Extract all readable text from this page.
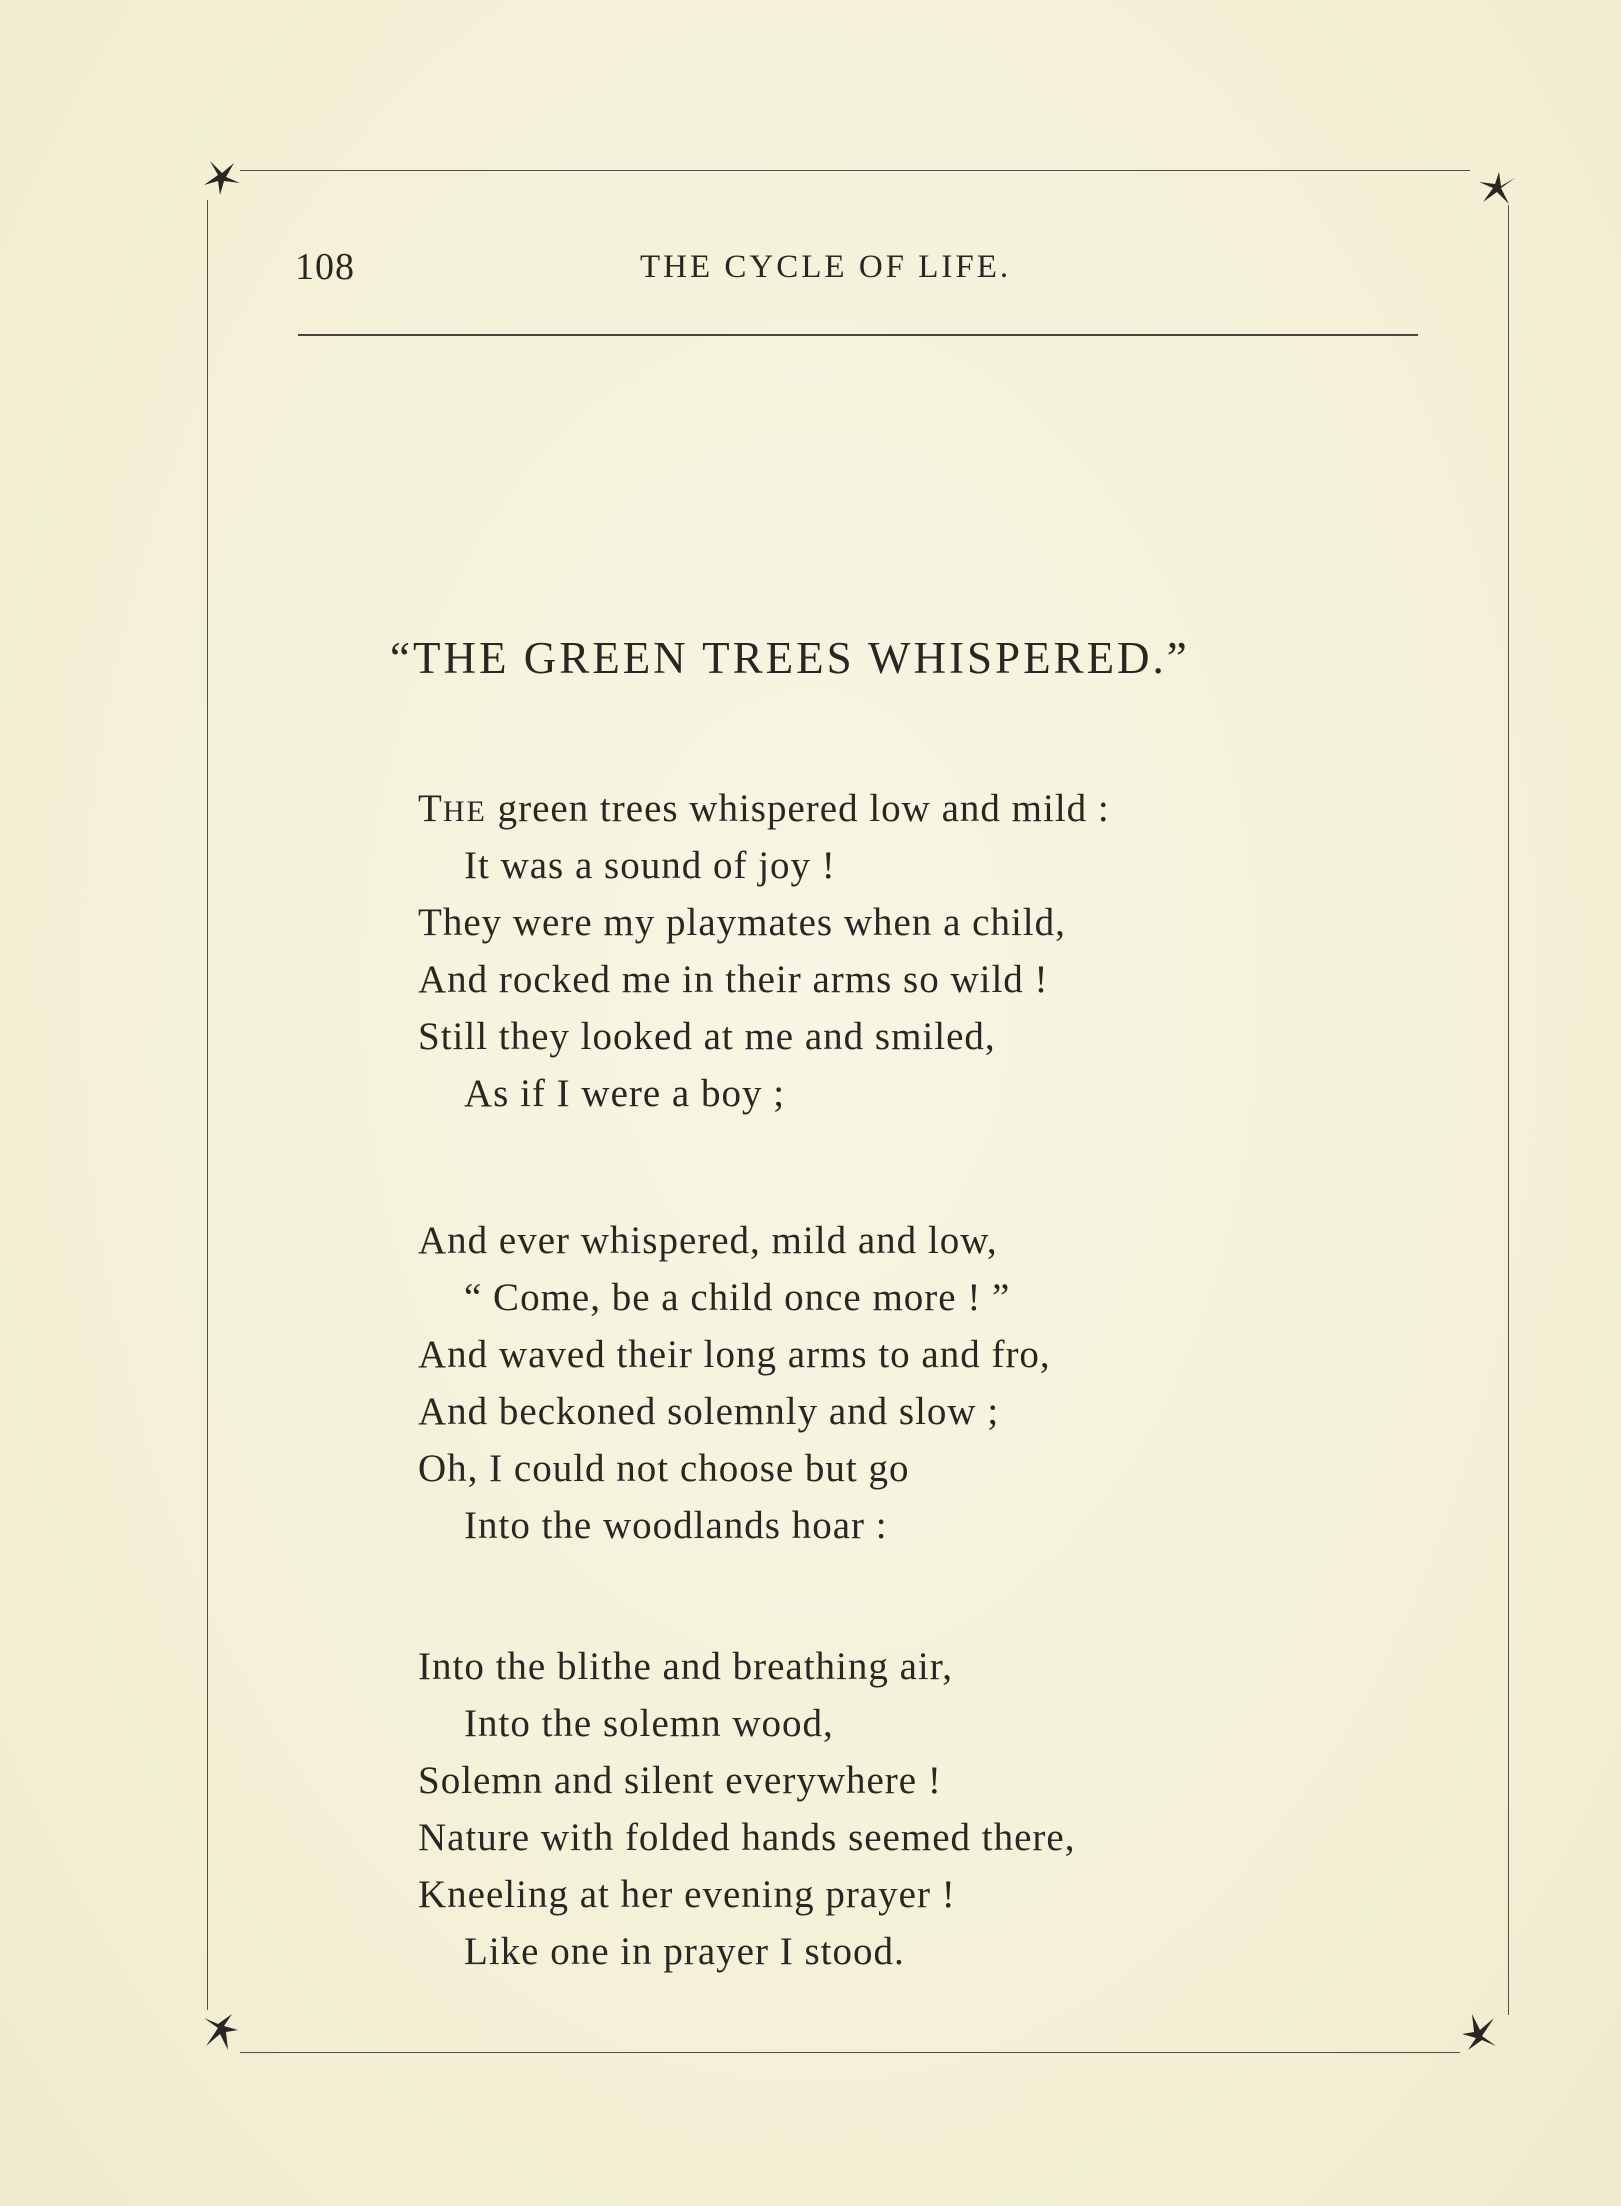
108	THE CYCLE OF LIFE.
“THE GREEN TREES WHISPERED.”
THE green trees whispered low and mild :
It was a sound of joy !
They were my playmates when a child,
And rocked me in their arms so wild !
Still they looked at me and smiled,
As if I were a boy ;
And ever whispered, mild and low,
“ Come, be a child once more ! ”
And waved their long arms to and fro,
And beckoned solemnly and slow ;
Oh, I could not choose but go
Into the woodlands hoar :
Into the blithe and breathing air,
Into the solemn wood,
Solemn and silent everywhere !
Nature with folded hands seemed there,
Kneeling at her evening prayer !
Like one in prayer I stood.
